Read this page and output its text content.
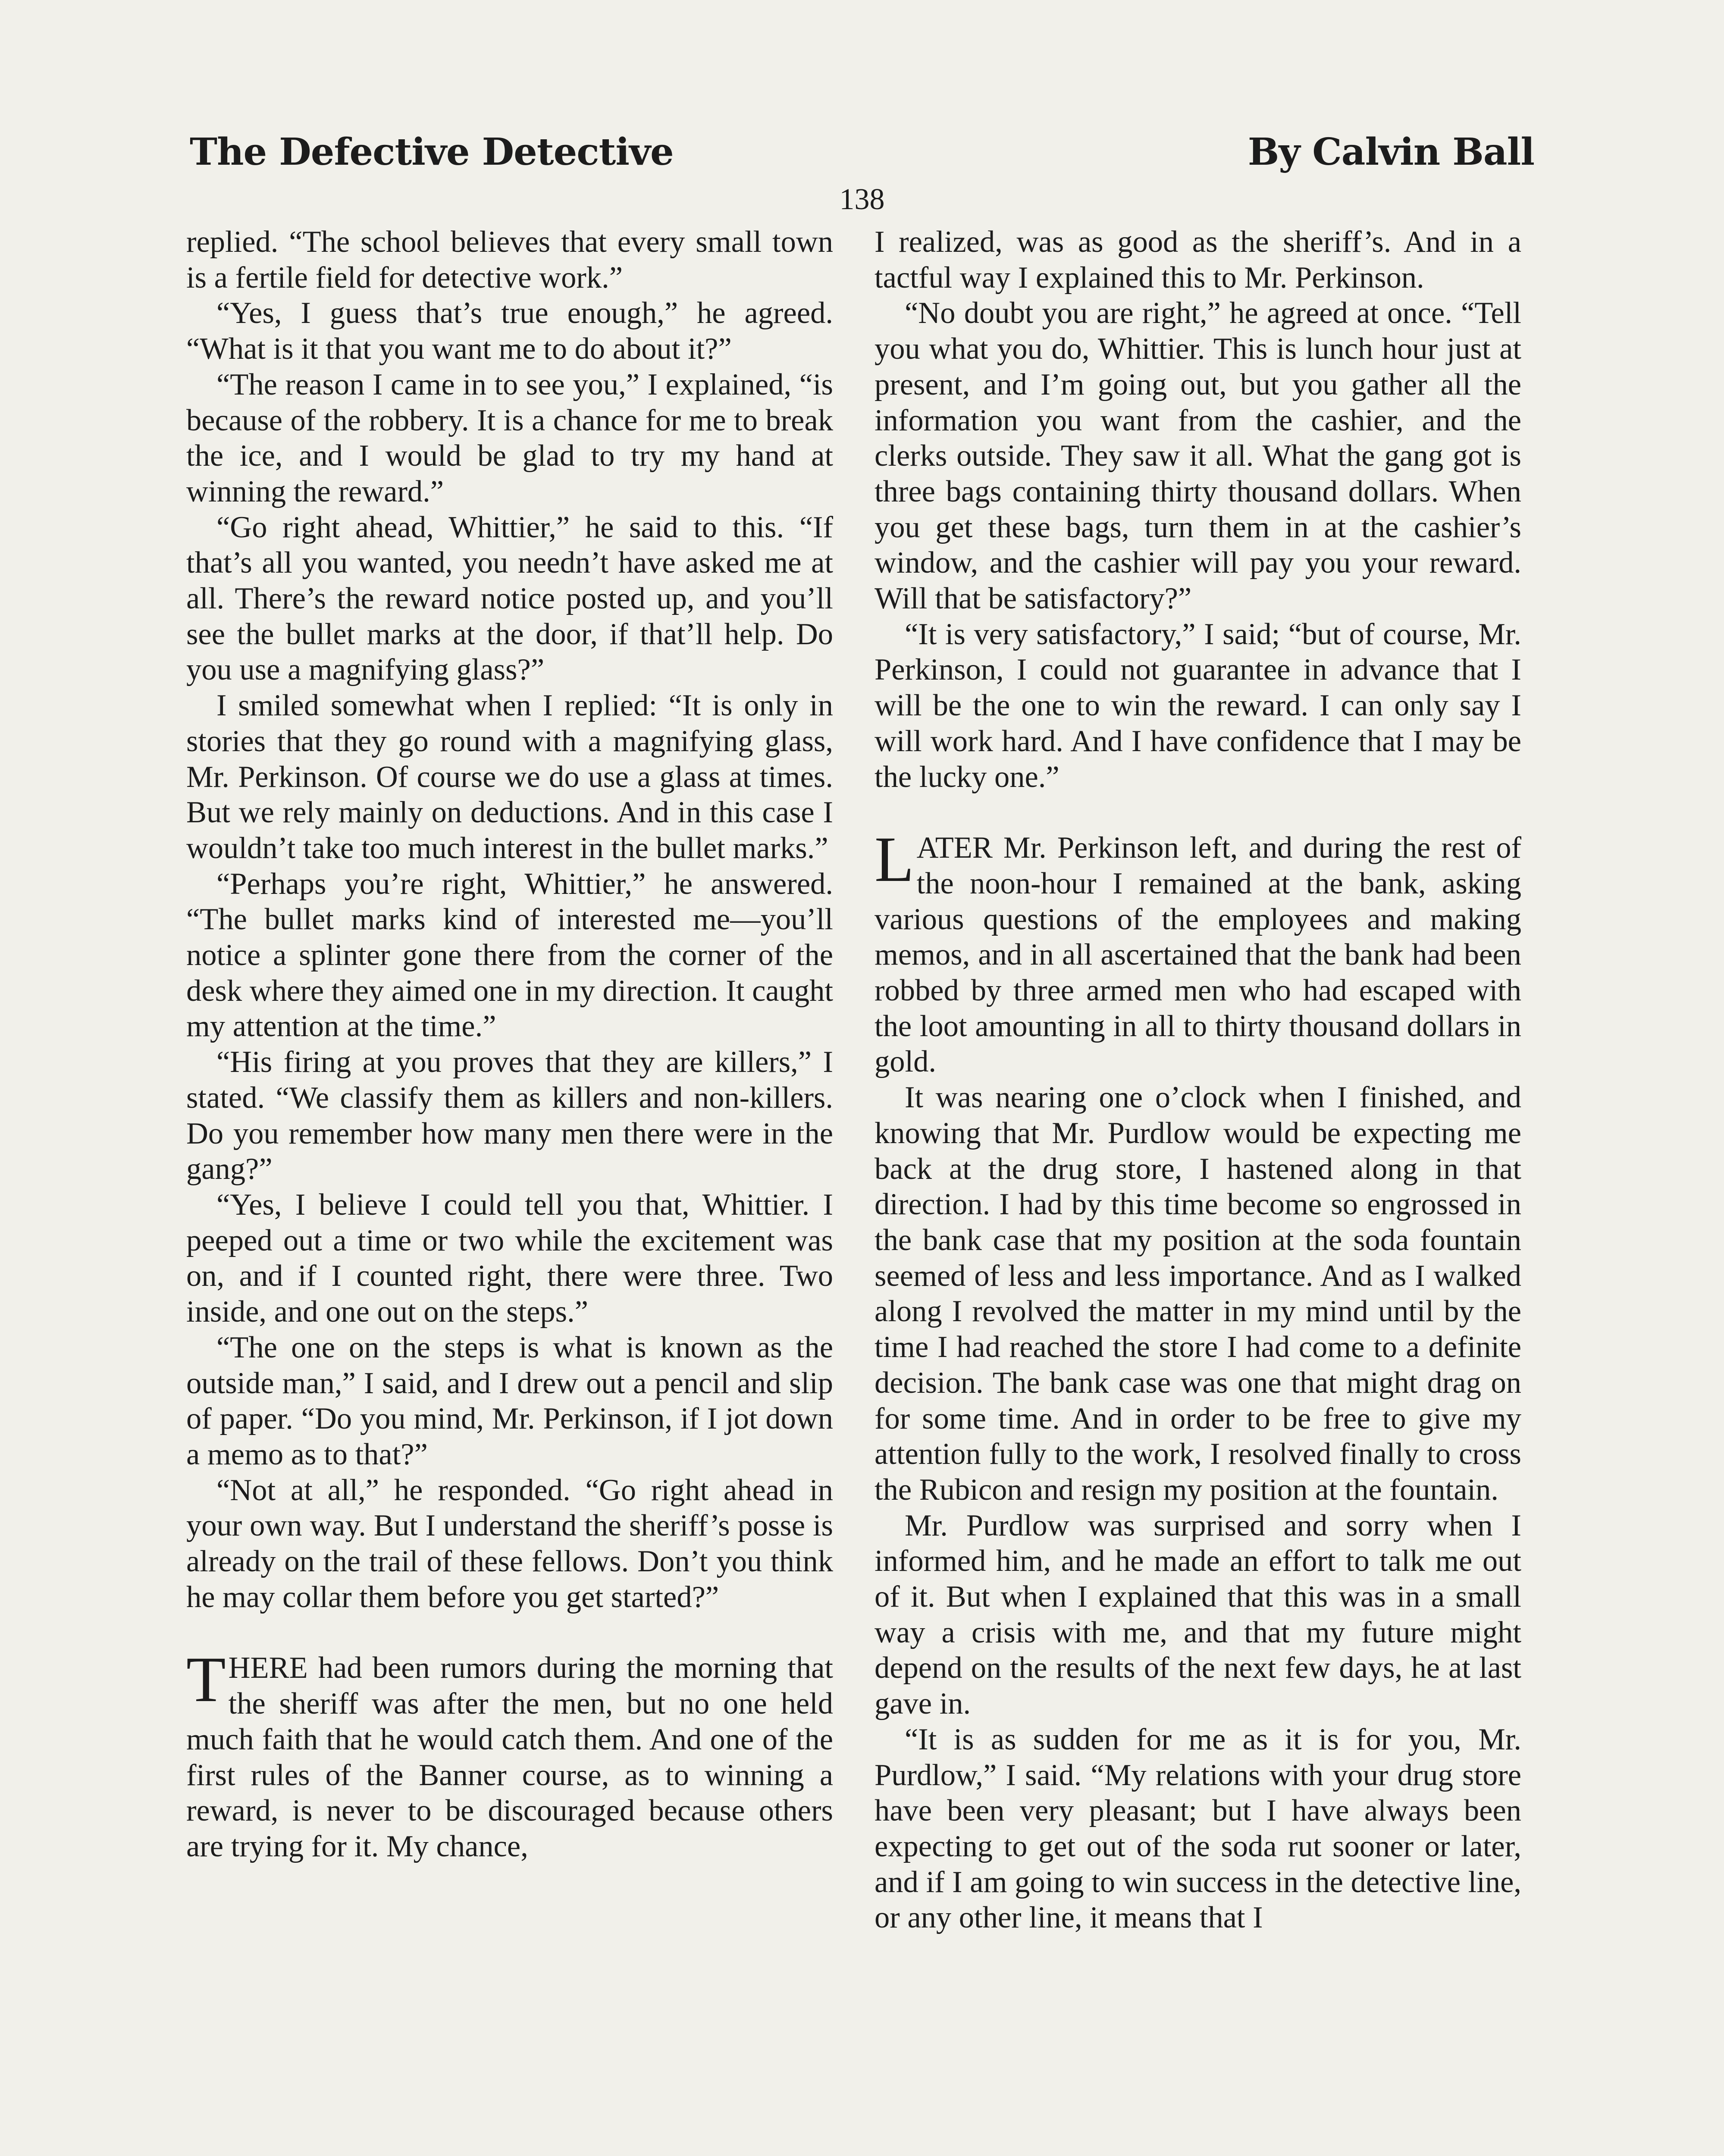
The Defective Detective	By Calvin Ball
138

replied. “The school believes that every small town is a fertile field for detective work.”

“Yes, I guess that’s true enough,” he agreed. “What is it that you want me to do about it?”

“The reason I came in to see you,” I explained, “is because of the robbery. It is a chance for me to break the ice, and I would be glad to try my hand at winning the reward.”

“Go right ahead, Whittier,” he said to this. “If that’s all you wanted, you needn’t have asked me at all. There’s the reward notice posted up, and you’ll see the bullet marks at the door, if that’ll help. Do you use a magnifying glass?”

I smiled somewhat when I replied: “It is only in stories that they go round with a magnifying glass, Mr. Perkinson. Of course we do use a glass at times. But we rely mainly on deductions. And in this case I wouldn’t take too much interest in the bullet marks.”

“Perhaps you’re right, Whittier,” he answered. “The bullet marks kind of interested me—you’ll notice a splinter gone there from the corner of the desk where they aimed one in my direction. It caught my attention at the time.”

“His firing at you proves that they are killers,” I stated. “We classify them as killers and non-killers. Do you remember how many men there were in the gang?”

“Yes, I believe I could tell you that, Whittier. I peeped out a time or two while the excitement was on, and if I counted right, there were three. Two inside, and one out on the steps.”

“The one on the steps is what is known as the outside man,” I said, and I drew out a pencil and slip of paper. “Do you mind, Mr. Perkinson, if I jot down a memo as to that?”

“Not at all,” he responded. “Go right ahead in your own way. But I understand the sheriff’s posse is already on the trail of these fellows. Don’t you think he may collar them before you get started?”

THERE had been rumors during the morning that the sheriff was after the men, but no one held much faith that he would catch them. And one of the first rules of the Banner course, as to winning a reward, is never to be discouraged because others are trying for it. My chance,

I realized, was as good as the sheriff’s. And in a tactful way I explained this to Mr. Perkinson.

“No doubt you are right,” he agreed at once. “Tell you what you do, Whittier. This is lunch hour just at present, and I’m going out, but you gather all the information you want from the cashier, and the clerks outside. They saw it all. What the gang got is three bags containing thirty thousand dollars. When you get these bags, turn them in at the cashier’s window, and the cashier will pay you your reward. Will that be satisfactory?”

“It is very satisfactory,” I said; “but of course, Mr. Perkinson, I could not guarantee in advance that I will be the one to win the reward. I can only say I will work hard. And I have confidence that I may be the lucky one.”

LATER Mr. Perkinson left, and during the rest of the noon-hour I remained at the bank, asking various questions of the employees and making memos, and in all ascertained that the bank had been robbed by three armed men who had escaped with the loot amounting in all to thirty thousand dollars in gold.

It was nearing one o’clock when I finished, and knowing that Mr. Purdlow would be expecting me back at the drug store, I hastened along in that direction. I had by this time become so engrossed in the bank case that my position at the soda fountain seemed of less and less importance. And as I walked along I revolved the matter in my mind until by the time I had reached the store I had come to a definite decision. The bank case was one that might drag on for some time. And in order to be free to give my attention fully to the work, I resolved finally to cross the Rubicon and resign my position at the fountain.

Mr. Purdlow was surprised and sorry when I informed him, and he made an effort to talk me out of it. But when I explained that this was in a small way a crisis with me, and that my future might depend on the results of the next few days, he at last gave in.

“It is as sudden for me as it is for you, Mr. Purdlow,” I said. “My relations with your drug store have been very pleasant; but I have always been expecting to get out of the soda rut sooner or later, and if I am going to win success in the detective line, or any other line, it means that I
